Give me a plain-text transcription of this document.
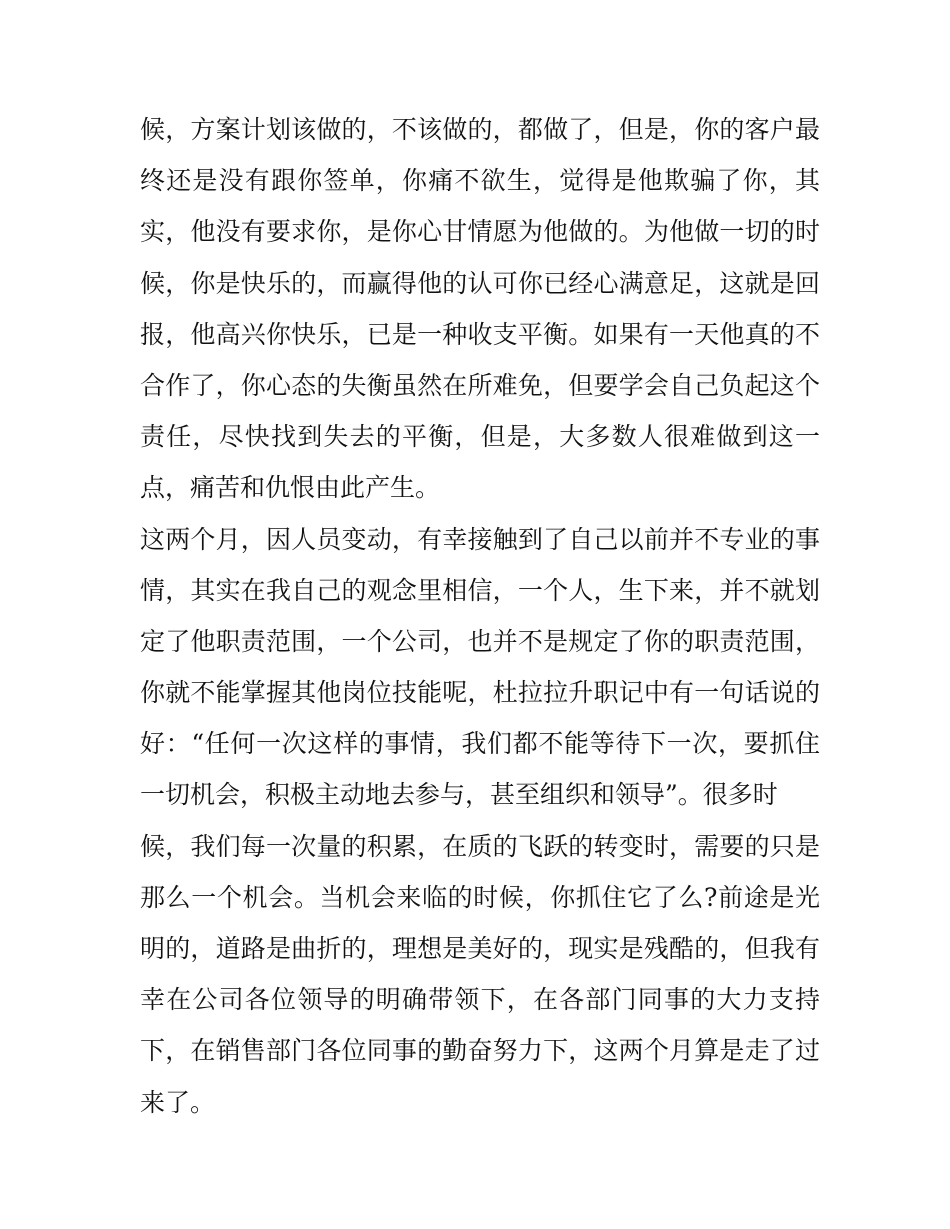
候，方案计划该做的，不该做的，都做了，但是，你的客户最
终还是没有跟你签单，你痛不欲生，觉得是他欺骗了你，其
实，他没有要求你，是你心甘情愿为他做的。为他做一切的时
候，你是快乐的，而赢得他的认可你已经心满意足，这就是回
报，他高兴你快乐，已是一种收支平衡。如果有一天他真的不
合作了，你心态的失衡虽然在所难免，但要学会自己负起这个
责任，尽快找到失去的平衡，但是，大多数人很难做到这一
点，痛苦和仇恨由此产生。
这两个月，因人员变动，有幸接触到了自己以前并不专业的事
情，其实在我自己的观念里相信，一个人，生下来，并不就划
定了他职责范围，一个公司，也并不是规定了你的职责范围，
你就不能掌握其他岗位技能呢，杜拉拉升职记中有一句话说的
好：“任何一次这样的事情，我们都不能等待下一次，要抓住
一切机会，积极主动地去参与，甚至组织和领导”。很多时
候，我们每一次量的积累，在质的飞跃的转变时，需要的只是
那么一个机会。当机会来临的时候，你抓住它了么?前途是光
明的，道路是曲折的，理想是美好的，现实是残酷的，但我有
幸在公司各位领导的明确带领下，在各部门同事的大力支持
下，在销售部门各位同事的勤奋努力下，这两个月算是走了过
来了。
